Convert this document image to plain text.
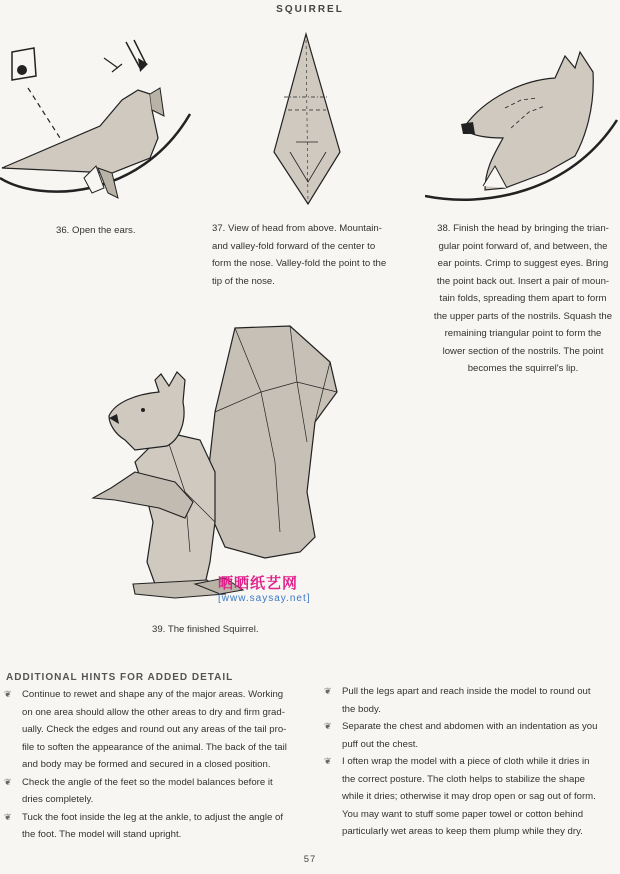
SQUIRREL
36. Open the ears.	37. View of head from above. Mountain-
and valley-fold forward of the center to
form the nose. Valley-fold the point to the
tip of the nose.
38. Finish the head by bringing the trian-
gular point forward of, and between, the
ear points. Crimp to suggest eyes. Bring
the point back out. Insert a pair of moun-
tain folds, spreading them apart to form
the upper parts of the nostrils. Squash the
remaining triangular point to form the
lower section of the nostrils. The point
becomes the squirrel's lip.
晒晒纸艺网
[www.saysay.net]
39. The finished Squirrel.
ADDITIONAL HINTS FOR ADDED DETAIL
❦ Continue to rewet and shape any of the major areas. Working
on one area should allow the other areas to dry and firm grad-
ually. Check the edges and round out any areas of the tail pro-
file to soften the appearance of the animal. The back of the tail
and body may be formed and secured in a closed position.
❦ Check the angle of the feet so the model balances before it
dries completely.
❦ Tuck the foot inside the leg at the ankle, to adjust the angle of
the foot. The model will stand upright.
❦ Pull the legs apart and reach inside the model to round out
the body.
❦ Separate the chest and abdomen with an indentation as you
puff out the chest.
❦ I often wrap the model with a piece of cloth while it dries in
the correct posture. The cloth helps to stabilize the shape
while it dries; otherwise it may drop open or sag out of form.
You may want to stuff some paper towel or cotton behind
particularly wet areas to keep them plump while they dry.
57
